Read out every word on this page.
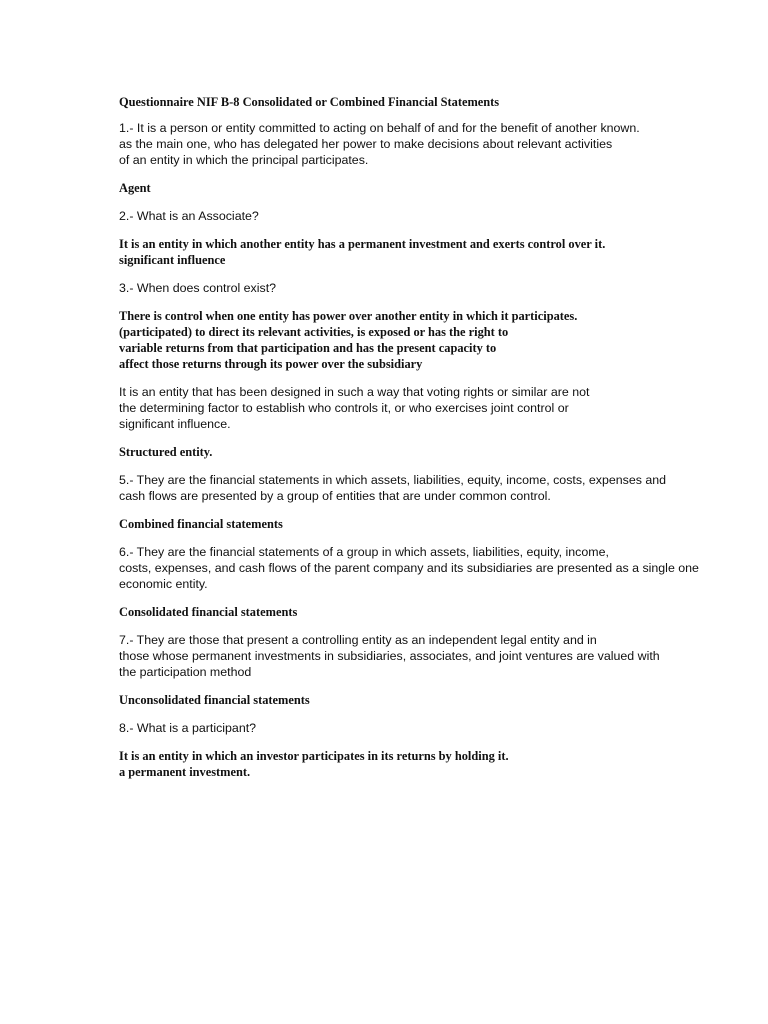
Questionnaire NIF B-8 Consolidated or Combined Financial Statements
1.- It is a person or entity committed to acting on behalf of and for the benefit of another known.
as the main one, who has delegated her power to make decisions about relevant activities
of an entity in which the principal participates.
Agent
2.- What is an Associate?
It is an entity in which another entity has a permanent investment and exerts control over it.
significant influence
3.- When does control exist?
There is control when one entity has power over another entity in which it participates.
(participated) to direct its relevant activities, is exposed or has the right to
variable returns from that participation and has the present capacity to
affect those returns through its power over the subsidiary
It is an entity that has been designed in such a way that voting rights or similar are not
the determining factor to establish who controls it, or who exercises joint control or
significant influence.
Structured entity.
5.- They are the financial statements in which assets, liabilities, equity, income, costs, expenses and
cash flows are presented by a group of entities that are under common control.
Combined financial statements
6.- They are the financial statements of a group in which assets, liabilities, equity, income,
costs, expenses, and cash flows of the parent company and its subsidiaries are presented as a single one
economic entity.
Consolidated financial statements
7.- They are those that present a controlling entity as an independent legal entity and in
those whose permanent investments in subsidiaries, associates, and joint ventures are valued with
the participation method
Unconsolidated financial statements
8.- What is a participant?
It is an entity in which an investor participates in its returns by holding it.
a permanent investment.
